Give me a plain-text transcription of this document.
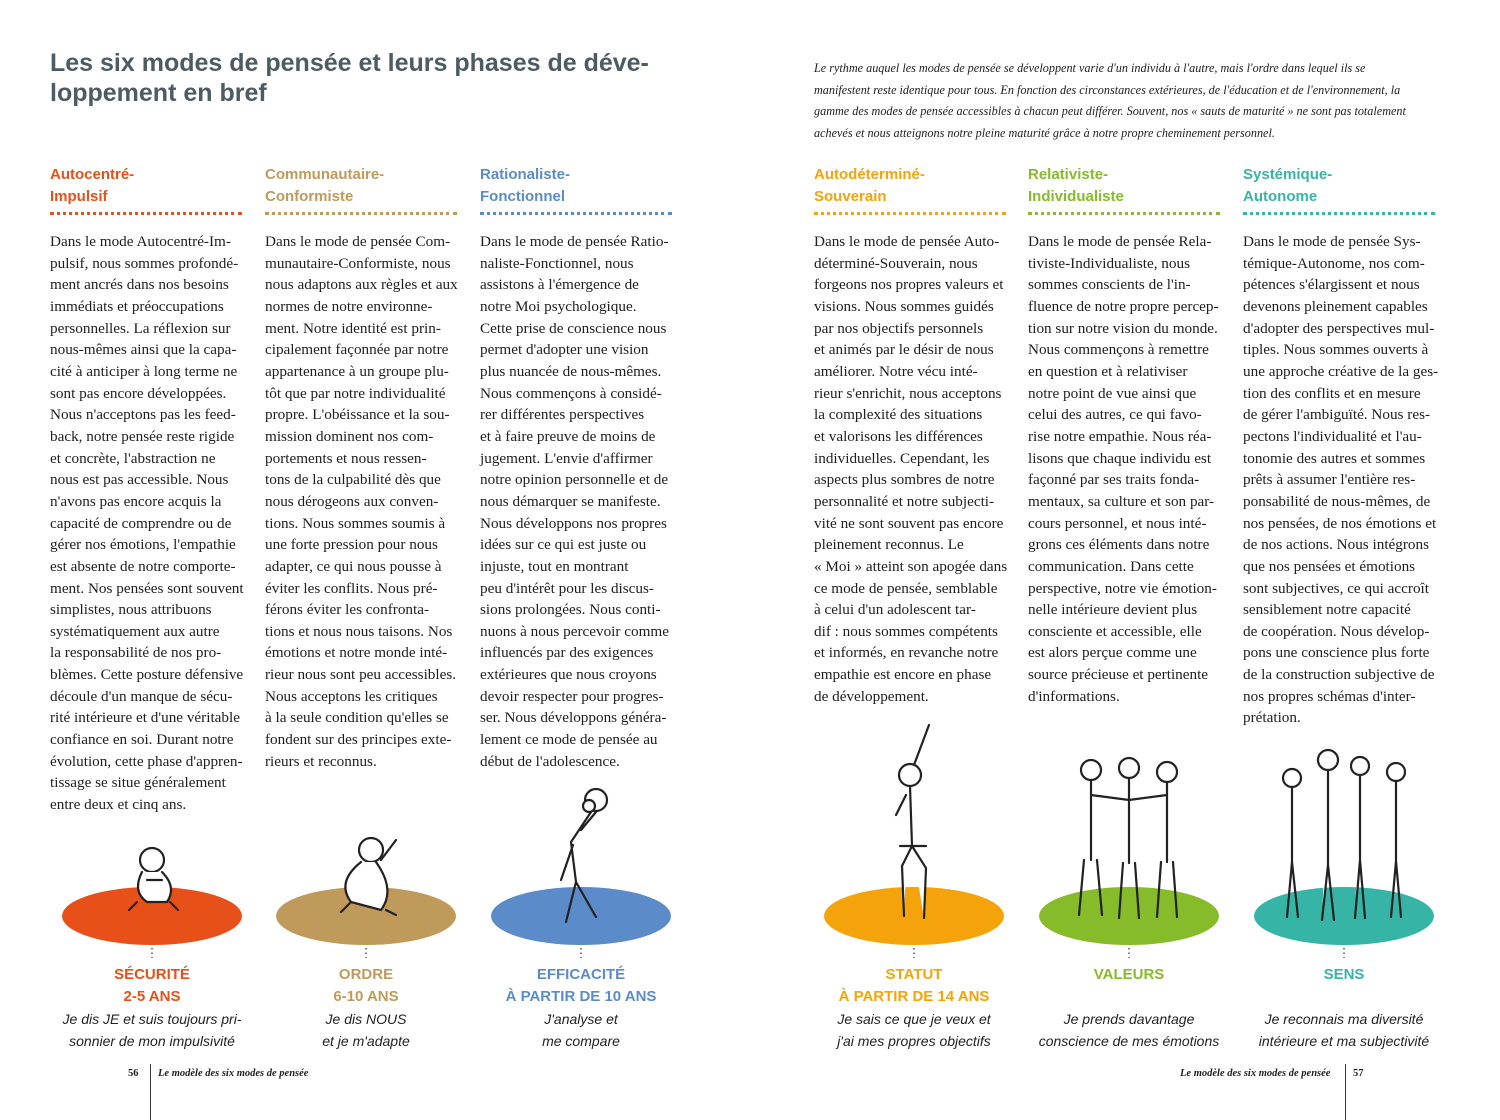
Les six modes de pensée et leurs phases de déve-
loppement en bref
Le rythme auquel les modes de pensée se développent varie d'un individu à l'autre, mais l'ordre dans lequel ils se
manifestent reste identique pour tous. En fonction des circonstances extérieures, de l'éducation et de l'environnement, la
gamme des modes de pensée accessibles à chacun peut différer. Souvent, nos « sauts de maturité » ne sont pas totalement
achevés et nous atteignons notre pleine maturité grâce à notre propre cheminement personnel.
Autocentré-
Impulsif
Dans le mode Autocentré-Im-
pulsif, nous sommes profondé-
ment ancrés dans nos besoins
immédiats et préoccupations
personnelles. La réflexion sur
nous-mêmes ainsi que la capa-
cité à anticiper à long terme ne
sont pas encore développées.
Nous n'acceptons pas les feed-
back, notre pensée reste rigide
et concrète, l'abstraction ne
nous est pas accessible. Nous
n'avons pas encore acquis la
capacité de comprendre ou de
gérer nos émotions, l'empathie
est absente de notre comporte-
ment. Nos pensées sont souvent
simplistes, nous attribuons
systématiquement aux autre
la responsabilité de nos pro-
blèmes. Cette posture défensive
découle d'un manque de sécu-
rité intérieure et d'une véritable
confiance en soi. Durant notre
évolution, cette phase d'appren-
tissage se situe généralement
entre deux et cinq ans.
SÉCURITÉ
2-5 ANS
Je dis JE et suis toujours pri-
sonnier de mon impulsivité
Communautaire-
Conformiste
Dans le mode de pensée Com-
munautaire-Conformiste, nous
nous adaptons aux règles et aux
normes de notre environne-
ment. Notre identité est prin-
cipalement façonnée par notre
appartenance à un groupe plu-
tôt que par notre individualité
propre. L'obéissance et la sou-
mission dominent nos com-
portements et nous ressen-
tons de la culpabilité dès que
nous dérogeons aux conven-
tions. Nous sommes soumis à
une forte pression pour nous
adapter, ce qui nous pousse à
éviter les conflits. Nous pré-
férons éviter les confronta-
tions et nous nous taisons. Nos
émotions et notre monde inté-
rieur nous sont peu accessibles.
Nous acceptons les critiques
à la seule condition qu'elles se
fondent sur des principes exte-
rieurs et reconnus.
ORDRE
6-10 ANS
Je dis NOUS
et je m'adapte
Rationaliste-
Fonctionnel
Dans le mode de pensée Ratio-
naliste-Fonctionnel, nous
assistons à l'émergence de
notre Moi psychologique.
Cette prise de conscience nous
permet d'adopter une vision
plus nuancée de nous-mêmes.
Nous commençons à considé-
rer différentes perspectives
et à faire preuve de moins de
jugement. L'envie d'affirmer
notre opinion personnelle et de
nous démarquer se manifeste.
Nous développons nos propres
idées sur ce qui est juste ou
injuste, tout en montrant
peu d'intérêt pour les discus-
sions prolongées. Nous conti-
nuons à nous percevoir comme
influencés par des exigences
extérieures que nous croyons
devoir respecter pour progres-
ser. Nous développons généra-
lement ce mode de pensée au
début de l'adolescence.
EFFICACITÉ
À PARTIR DE 10 ANS
J'analyse et
me compare
Autodéterminé-
Souverain
Dans le mode de pensée Auto-
déterminé-Souverain, nous
forgeons nos propres valeurs et
visions. Nous sommes guidés
par nos objectifs personnels
et animés par le désir de nous
améliorer. Notre vécu inté-
rieur s'enrichit, nous acceptons
la complexité des situations
et valorisons les différences
individuelles. Cependant, les
aspects plus sombres de notre
personnalité et notre subjecti-
vité ne sont souvent pas encore
pleinement reconnus. Le
« Moi » atteint son apogée dans
ce mode de pensée, semblable
à celui d'un adolescent tar-
dif : nous sommes compétents
et informés, en revanche notre
empathie est encore en phase
de développement.
STATUT
À PARTIR DE 14 ANS
Je sais ce que je veux et
j'ai mes propres objectifs
Relativiste-
Individualiste
Dans le mode de pensée Rela-
tiviste-Individualiste, nous
sommes conscients de l'in-
fluence de notre propre percep-
tion sur notre vision du monde.
Nous commençons à remettre
en question et à relativiser
notre point de vue ainsi que
celui des autres, ce qui favo-
rise notre empathie. Nous réa-
lisons que chaque individu est
façonné par ses traits fonda-
mentaux, sa culture et son par-
cours personnel, et nous inté-
grons ces éléments dans notre
communication. Dans cette
perspective, notre vie émotion-
nelle intérieure devient plus
consciente et accessible, elle
est alors perçue comme une
source précieuse et pertinente
d'informations.
VALEURS
Je prends davantage
conscience de mes émotions
Systémique-
Autonome
Dans le mode de pensée Sys-
témique-Autonome, nos com-
pétences s'élargissent et nous
devenons pleinement capables
d'adopter des perspectives mul-
tiples. Nous sommes ouverts à
une approche créative de la ges-
tion des conflits et en mesure
de gérer l'ambiguïté. Nous res-
pectons l'individualité et l'au-
tonomie des autres et sommes
prêts à assumer l'entière res-
ponsabilité de nous-mêmes, de
nos pensées, de nos émotions et
de nos actions. Nous intégrons
que nos pensées et émotions
sont subjectives, ce qui accroît
sensiblement notre capacité
de coopération. Nous dévelop-
pons une conscience plus forte
de la construction subjective de
nos propres schémas d'inter-
prétation.
SENS
Je reconnais ma diversité
intérieure et ma subjectivité
56 Le modèle des six modes de pensée	Le modèle des six modes de pensée 57
